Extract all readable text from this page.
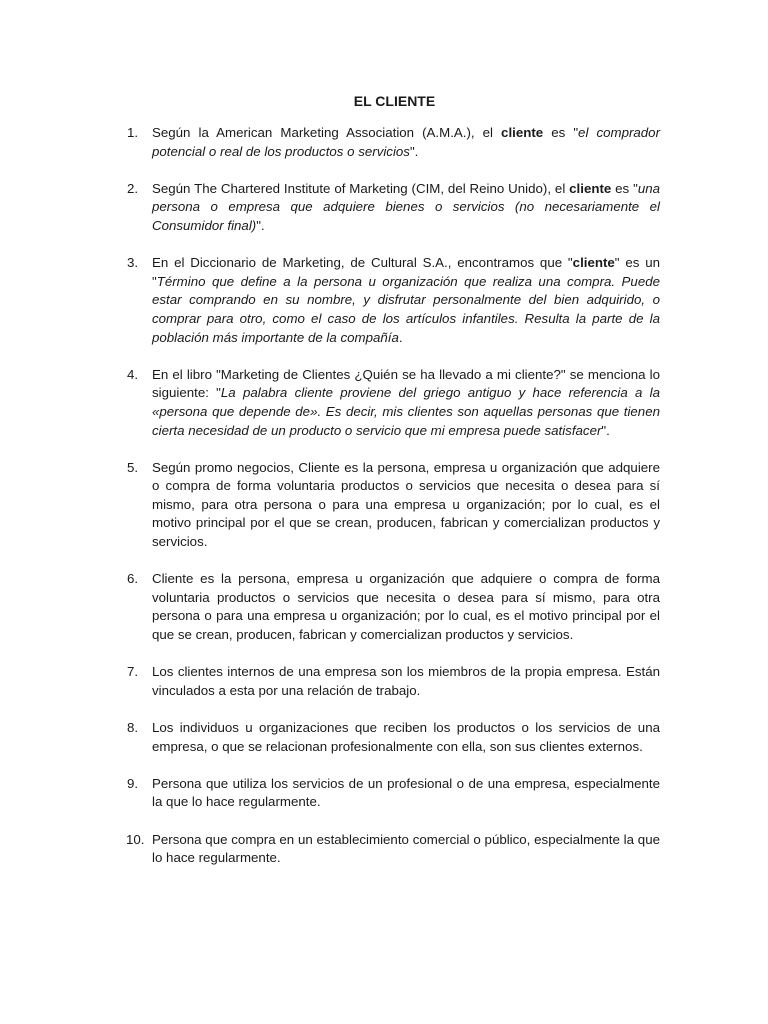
EL CLIENTE
1.	Según la American Marketing Association (A.M.A.), el cliente es "el comprador potencial o real de los productos o servicios".
2.	Según The Chartered Institute of Marketing (CIM, del Reino Unido), el cliente es "una persona o empresa que adquiere bienes o servicios (no necesariamente el Consumidor final)".
3.	En el Diccionario de Marketing, de Cultural S.A., encontramos que "cliente" es un "Término que define a la persona u organización que realiza una compra. Puede estar comprando en su nombre, y disfrutar personalmente del bien adquirido, o comprar para otro, como el caso de los artículos infantiles. Resulta la parte de la población más importante de la compañía.
4.	En el libro "Marketing de Clientes ¿Quién se ha llevado a mi cliente?" se menciona lo siguiente: "La palabra cliente proviene del griego antiguo y hace referencia a la «persona que depende de». Es decir, mis clientes son aquellas personas que tienen cierta necesidad de un producto o servicio que mi empresa puede satisfacer".
5.	Según promo negocios, Cliente es la persona, empresa u organización que adquiere o compra de forma voluntaria productos o servicios que necesita o desea para sí mismo, para otra persona o para una empresa u organización; por lo cual, es el motivo principal por el que se crean, producen, fabrican y comercializan productos y servicios.
6.	Cliente es la persona, empresa u organización que adquiere o compra de forma voluntaria productos o servicios que necesita o desea para sí mismo, para otra persona o para una empresa u organización; por lo cual, es el motivo principal por el que se crean, producen, fabrican y comercializan productos y servicios.
7.	Los clientes internos de una empresa son los miembros de la propia empresa. Están vinculados a esta por una relación de trabajo.
8.	Los individuos u organizaciones que reciben los productos o los servicios de una empresa, o que se relacionan profesionalmente con ella, son sus clientes externos.
9.	Persona que utiliza los servicios de un profesional o de una empresa, especialmente la que lo hace regularmente.
10. Persona que compra en un establecimiento comercial o público, especialmente la que lo hace regularmente.
